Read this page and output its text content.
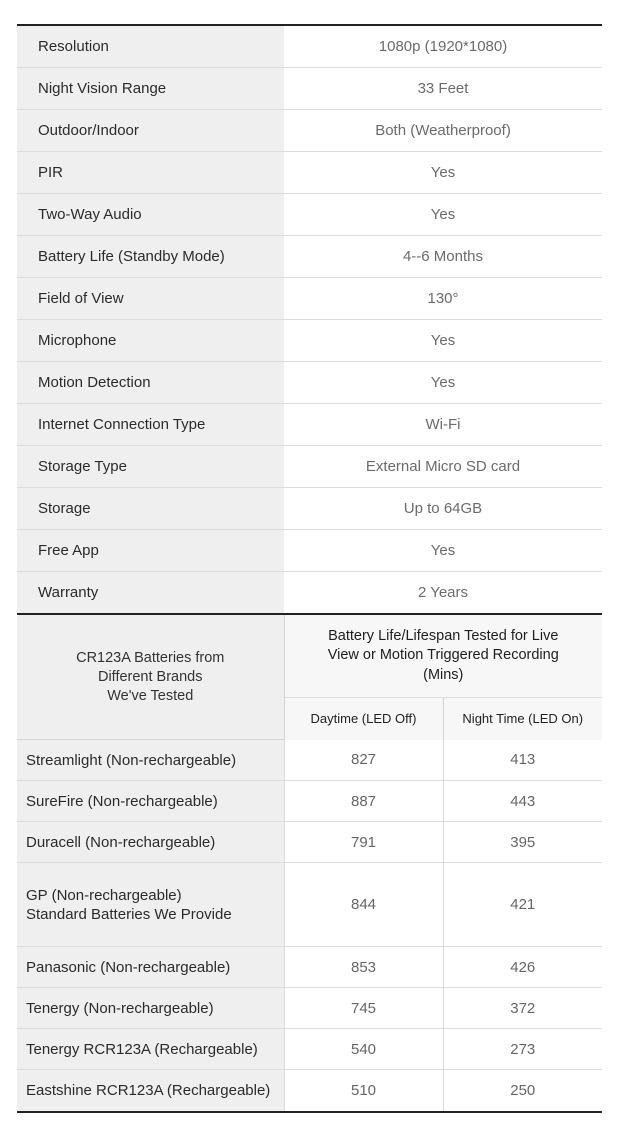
Resolution	1080p (1920*1080)
Night Vision Range	33 Feet
Outdoor/Indoor	Both (Weatherproof)
PIR	Yes
Two-Way Audio	Yes
Battery Life (Standby Mode)	4--6 Months
Field of View	130°
Microphone	Yes
Motion Detection	Yes
Internet Connection Type	Wi-Fi
Storage Type	External Micro SD card
Storage	Up to 64GB
Free App	Yes
Warranty	2 Years
CR123A Batteries from
Different Brands
We've Tested	Battery Life/Lifespan Tested for Live
View or Motion Triggered Recording
(Mins)	

	Daytime (LED Off)	Night Time (LED On)

Streamlight (Non-rechargeable)	827	413

SureFire (Non-rechargeable)	887	443

Duracell (Non-rechargeable)	791	395

GP (Non-rechargeable)
Standard Batteries We Provide	844	421

Panasonic (Non-rechargeable)	853	426

Tenergy (Non-rechargeable)	745	372

Tenergy RCR123A (Rechargeable)	540	273

Eastshine RCR123A (Rechargeable)	510	250
